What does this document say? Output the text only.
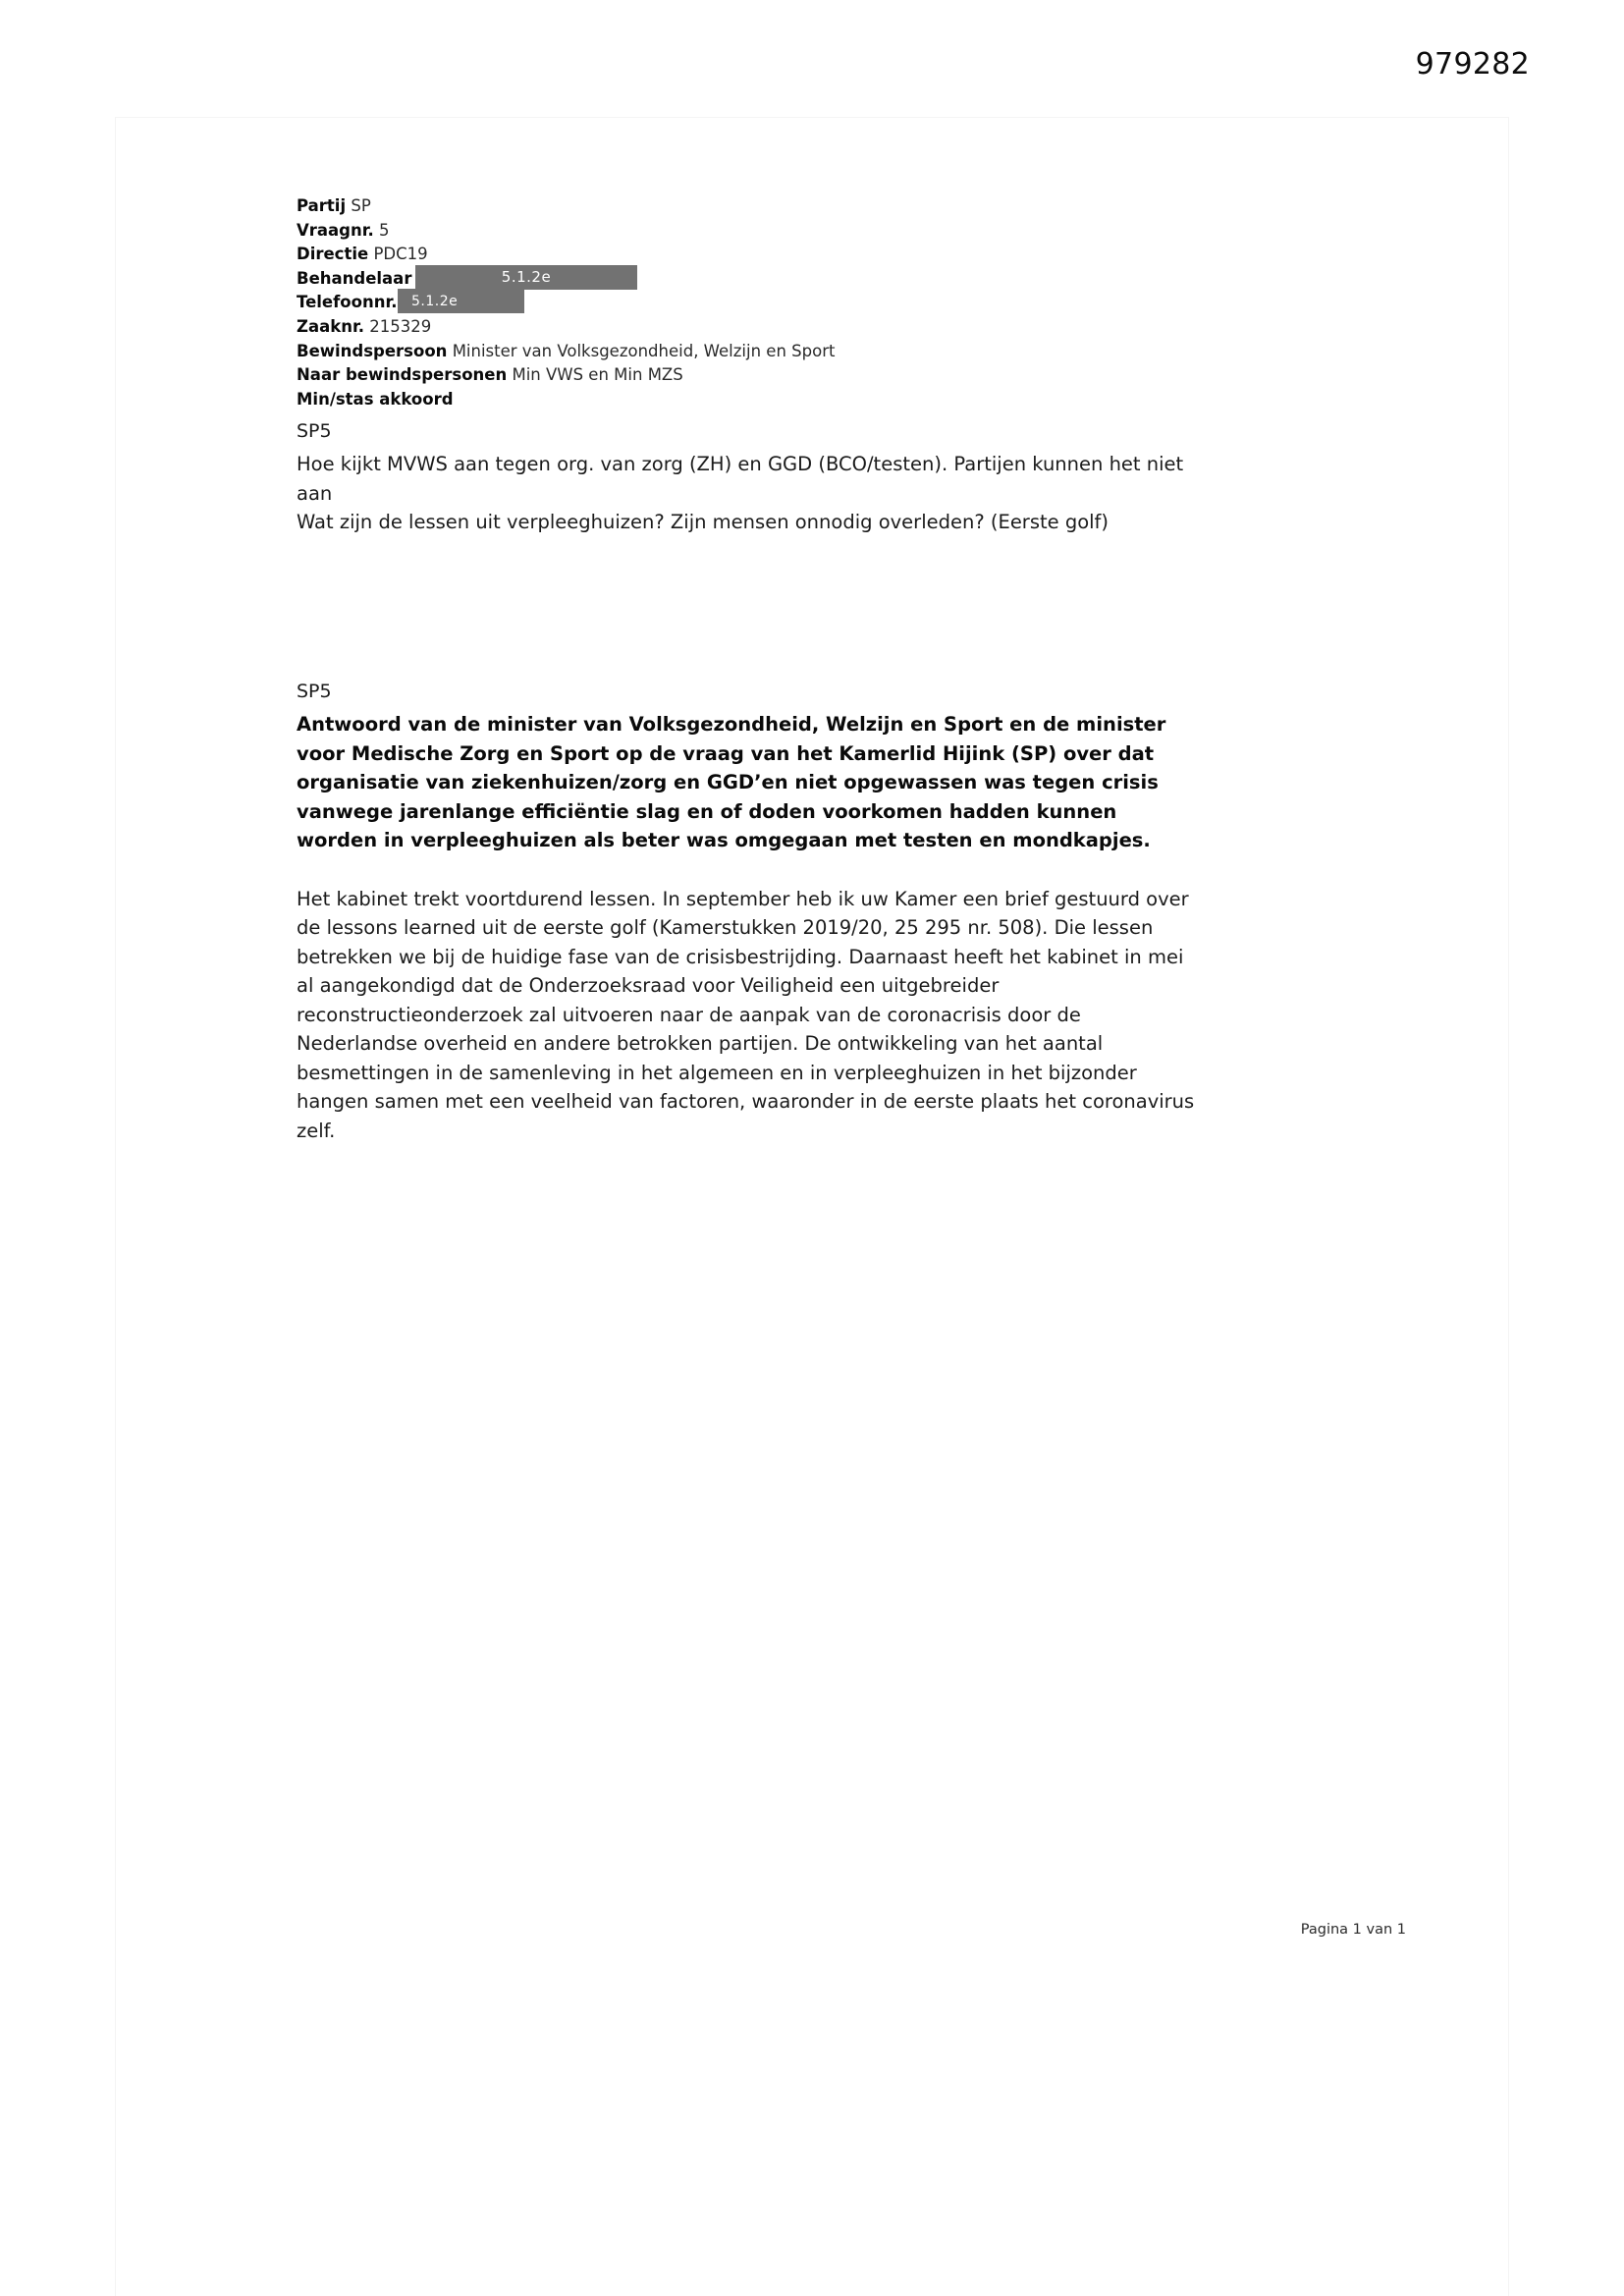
979282
Partij SP
Vraagnr. 5
Directie PDC19
Behandelaar	5.1.2e
Telefoonnr.	5.1.2e
Zaaknr. 215329
Bewindspersoon Minister van Volksgezondheid, Welzijn en Sport
Naar bewindspersonen Min VWS en Min MZS
Min/stas akkoord
SP5

Hoe kijkt MVWS aan tegen org. van zorg (ZH) en GGD (BCO/testen). Partijen kunnen het niet aan

Wat zijn de lessen uit verpleeghuizen? Zijn mensen onnodig overleden? (Eerste golf)

SP5

Antwoord van de minister van Volksgezondheid, Welzijn en Sport en de minister voor Medische Zorg en Sport op de vraag van het Kamerlid Hijink (SP) over dat organisatie van ziekenhuizen/zorg en GGD’en niet opgewassen was tegen crisis vanwege jarenlange efficiëntie slag en of doden voorkomen hadden kunnen worden in verpleeghuizen als beter was omgegaan met testen en mondkapjes.

Het kabinet trekt voortdurend lessen. In september heb ik uw Kamer een brief gestuurd over de lessons learned uit de eerste golf (Kamerstukken 2019/20, 25 295 nr. 508). Die lessen betrekken we bij de huidige fase van de crisisbestrijding. Daarnaast heeft het kabinet in mei al aangekondigd dat de Onderzoeksraad voor Veiligheid een uitgebreider reconstructieonderzoek zal uitvoeren naar de aanpak van de coronacrisis door de Nederlandse overheid en andere betrokken partijen. De ontwikkeling van het aantal besmettingen in de samenleving in het algemeen en in verpleeghuizen in het bijzonder hangen samen met een veelheid van factoren, waaronder in de eerste plaats het coronavirus zelf.

Pagina 1 van 1
